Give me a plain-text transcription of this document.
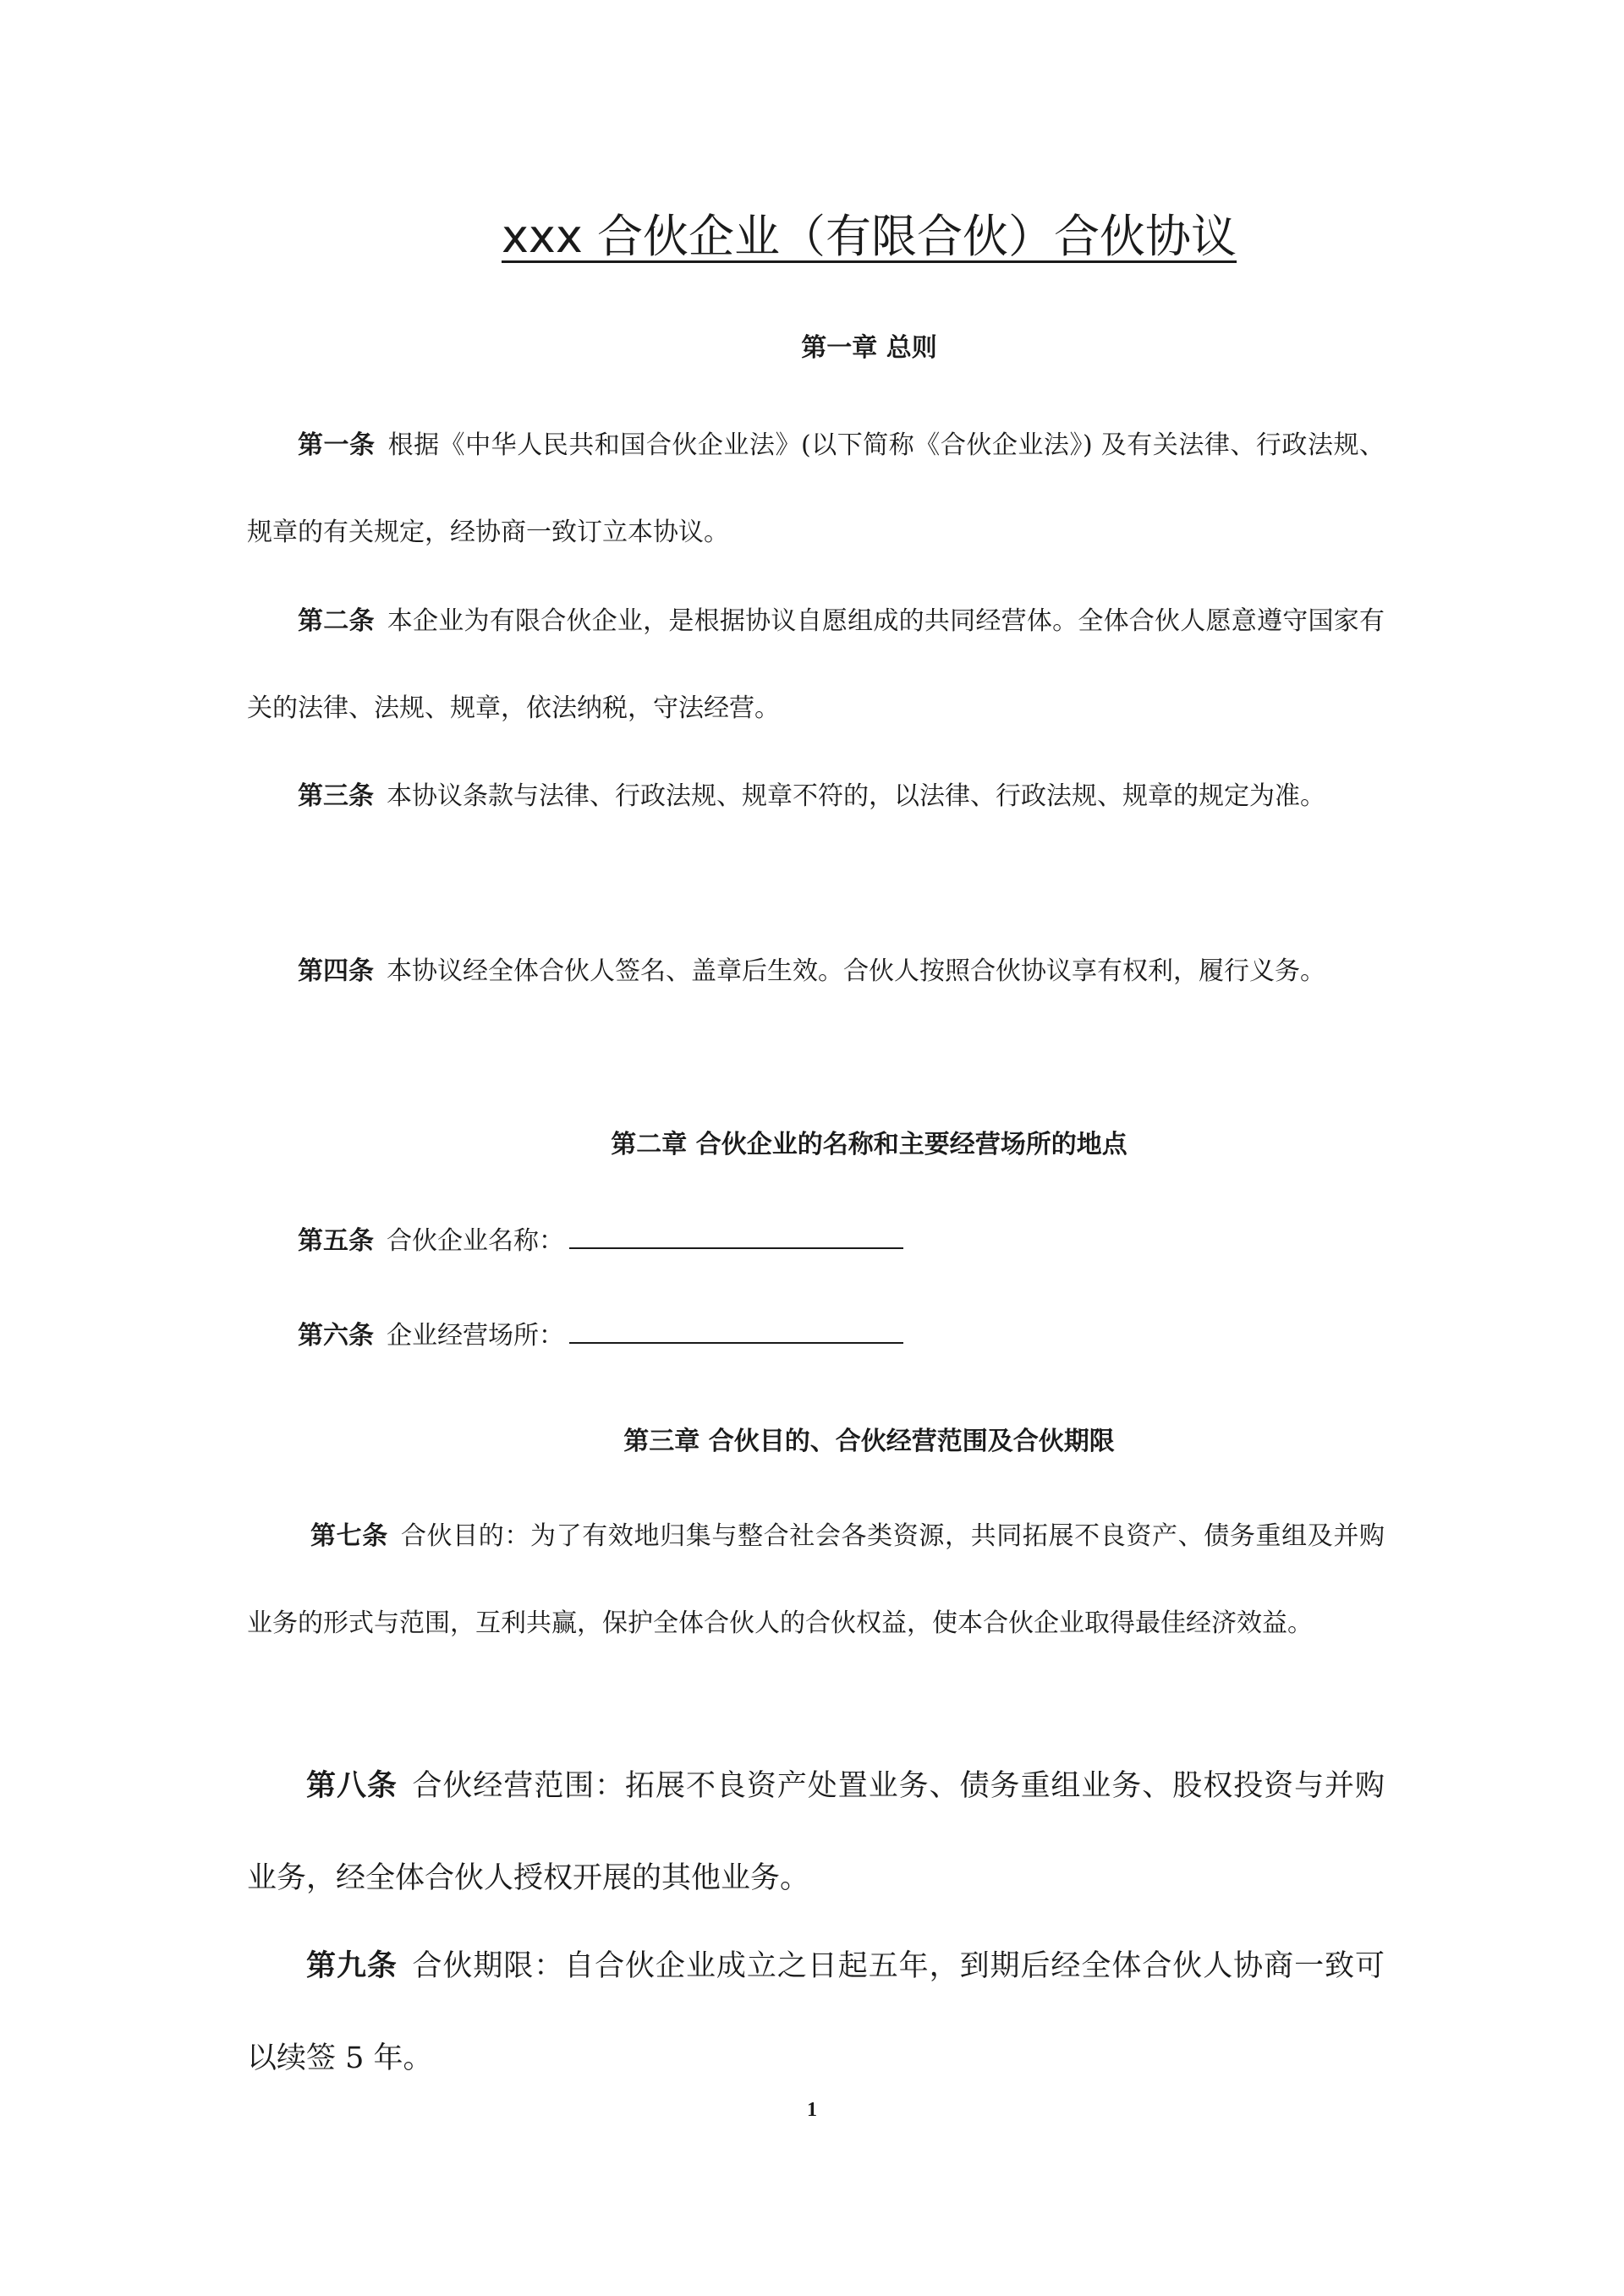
xxx 合伙企业（有限合伙）合伙协议
第一章 总则

第一条 根据《中华人民共和国合伙企业法》(以下简称《合伙企业法》) 及有关法律、行政法规、规章的有关规定，经协商一致订立本协议。

第二条 本企业为有限合伙企业，是根据协议自愿组成的共同经营体。全体合伙人愿意遵守国家有关的法律、法规、规章，依法纳税，守法经营。

第三条 本协议条款与法律、行政法规、规章不符的，以法律、行政法规、规章的规定为准。

第四条 本协议经全体合伙人签名、盖章后生效。合伙人按照合伙协议享有权利，履行义务。

第二章 合伙企业的名称和主要经营场所的地点

第五条 合伙企业名称：

第六条 企业经营场所：

第三章 合伙目的、合伙经营范围及合伙期限

第七条 合伙目的：为了有效地归集与整合社会各类资源，共同拓展不良资产、债务重组及并购业务的形式与范围，互利共赢，保护全体合伙人的合伙权益，使本合伙企业取得最佳经济效益。

第八条 合伙经营范围：拓展不良资产处置业务、债务重组业务、股权投资与并购业务，经全体合伙人授权开展的其他业务。

第九条 合伙期限：自合伙企业成立之日起五年，到期后经全体合伙人协商一致可以续签 5 年。

1
